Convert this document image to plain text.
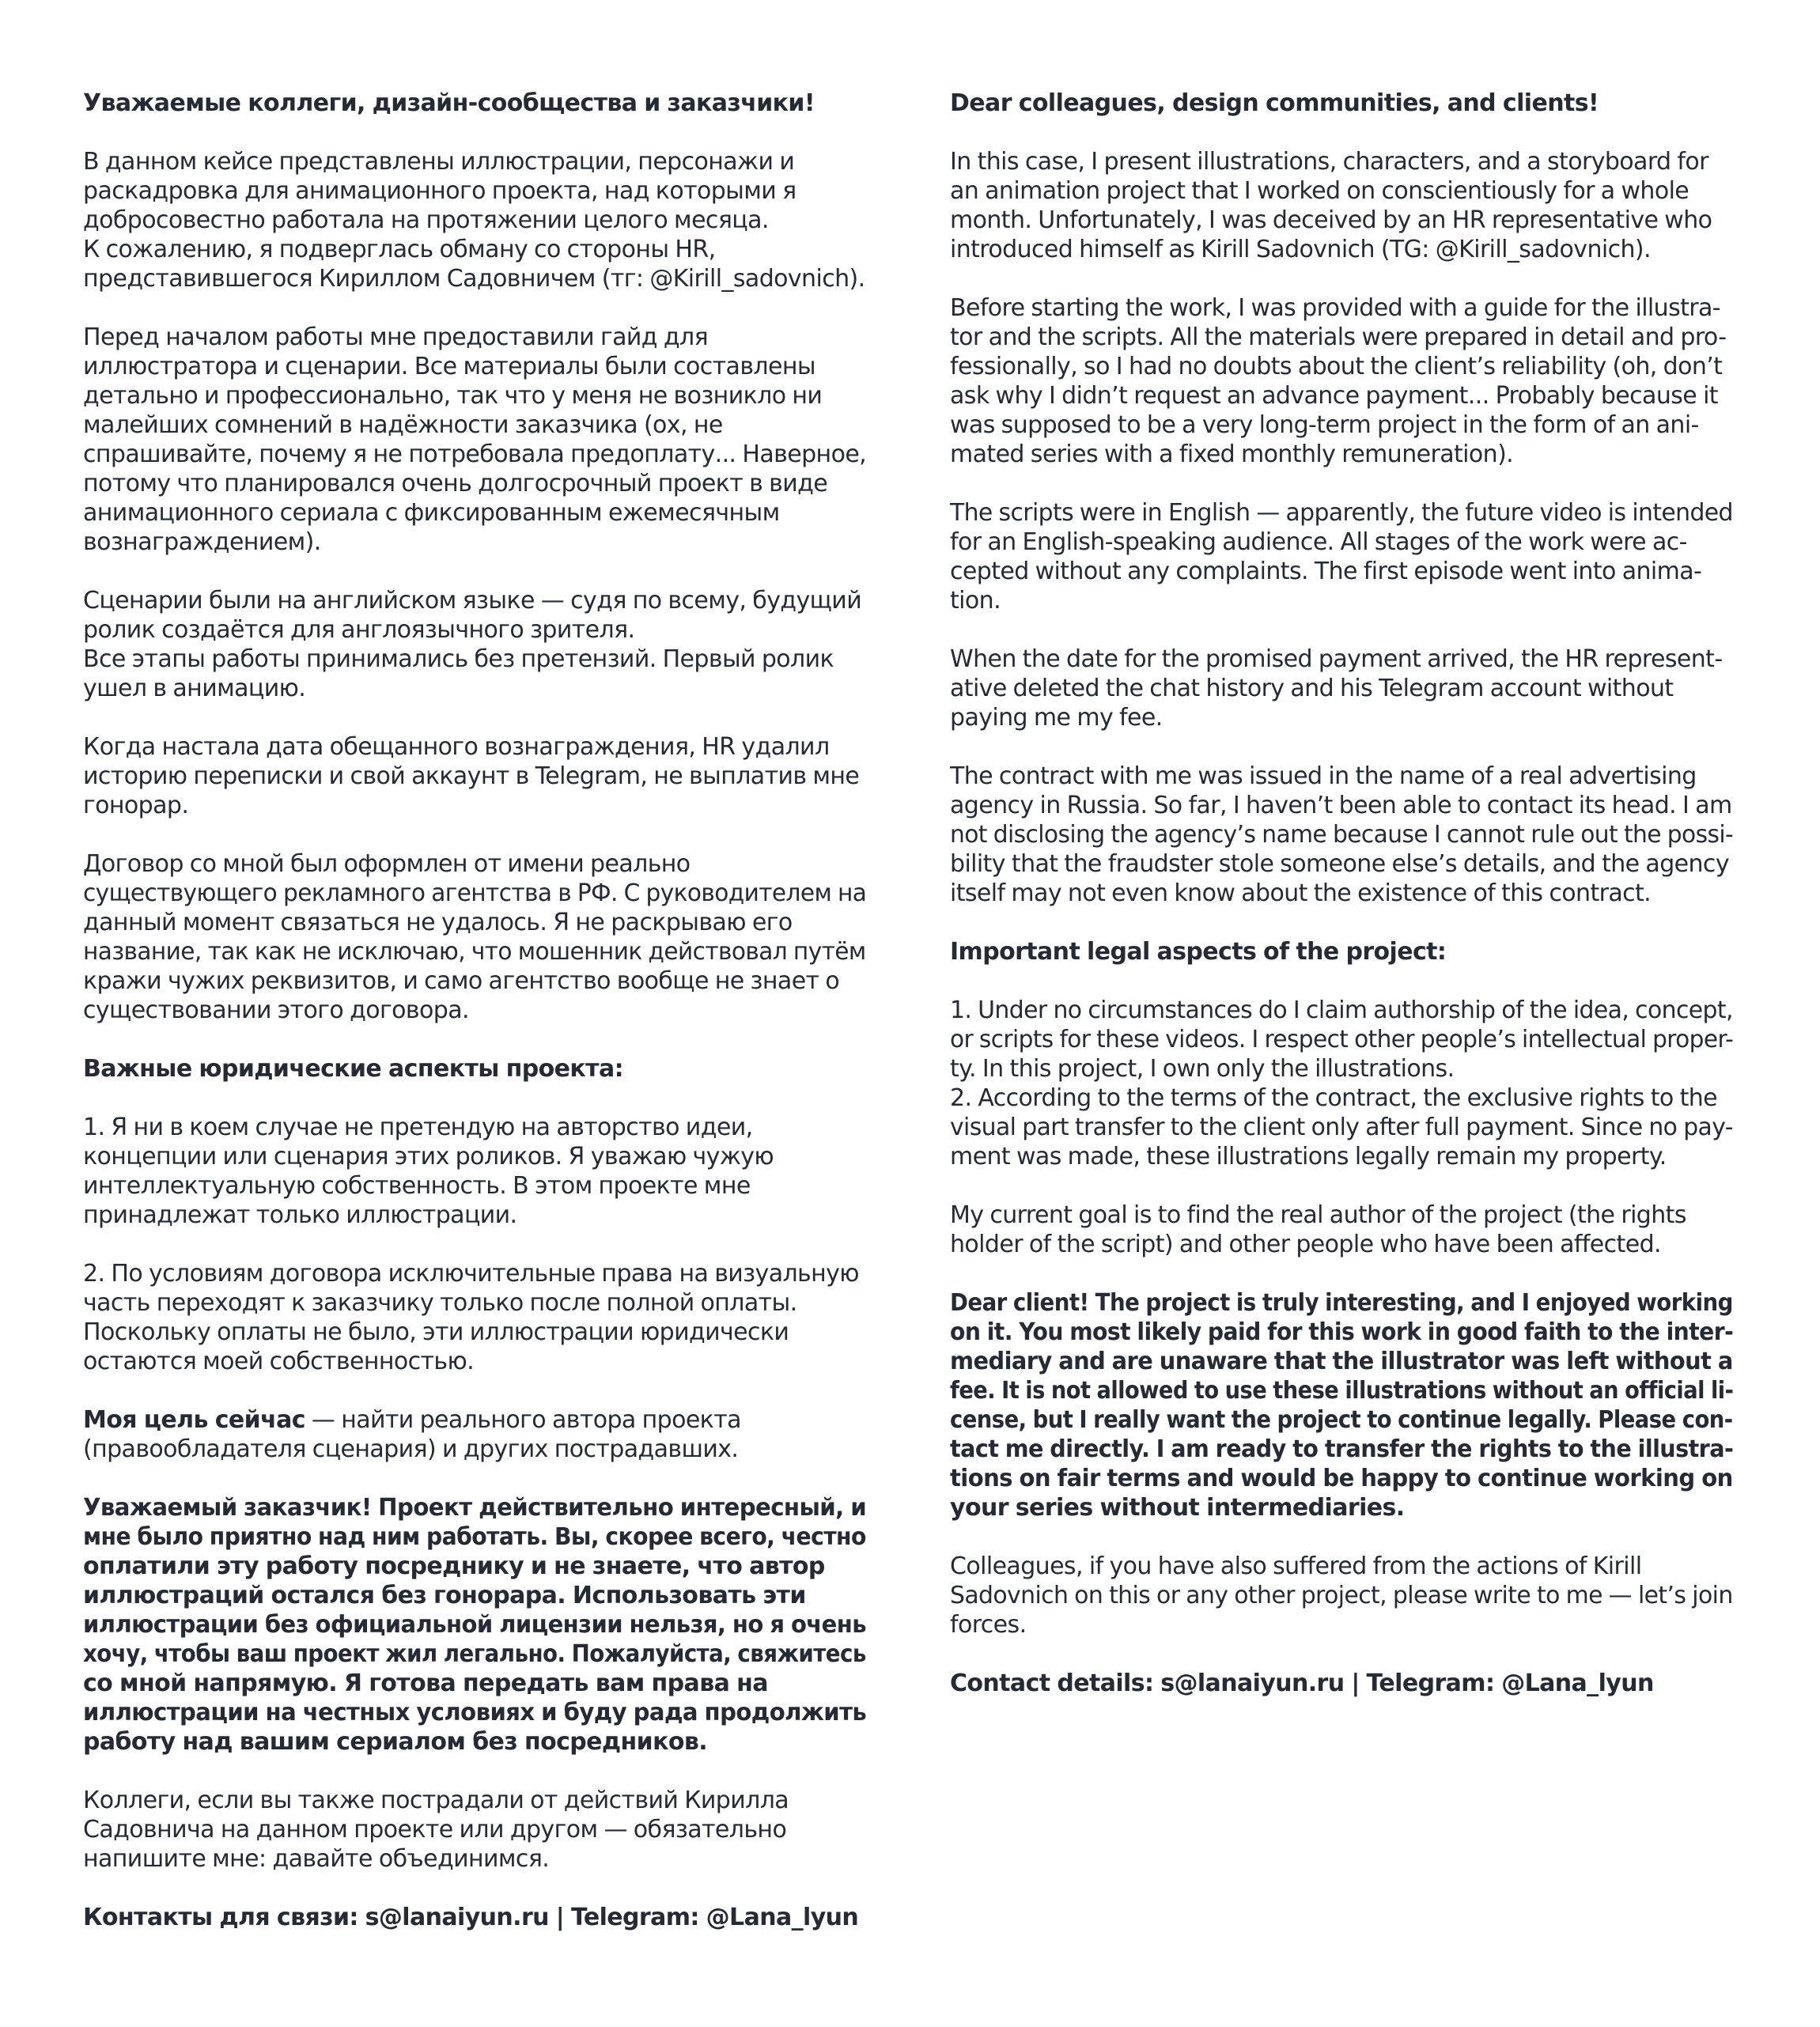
Уважаемые коллеги, дизайн-сообщества и заказчики!
В данном кейсе представлены иллюстрации, персонажи и
раскадровка для анимационного проекта, над которыми я
добросовестно работала на протяжении целого месяца.
К сожалению, я подверглась обману со стороны HR,
представившегося Кириллом Садовничем (тг: @Kirill_sadovnich).
Перед началом работы мне предоставили гайд для
иллюстратора и сценарии. Все материалы были составлены
детально и профессионально, так что у меня не возникло ни
малейших сомнений в надёжности заказчика (ох, не
спрашивайте, почему я не потребовала предоплату... Наверное,
потому что планировался очень долгосрочный проект в виде
анимационного сериала с фиксированным ежемесячным
вознаграждением).
Сценарии были на английском языке — судя по всему, будущий
ролик создаётся для англоязычного зрителя.
Все этапы работы принимались без претензий. Первый ролик
ушел в анимацию.
Когда настала дата обещанного вознаграждения, HR удалил
историю переписки и свой аккаунт в Telegram, не выплатив мне
гонорар.
Договор со мной был оформлен от имени реально
существующего рекламного агентства в РФ. С руководителем на
данный момент связаться не удалось. Я не раскрываю его
название, так как не исключаю, что мошенник действовал путём
кражи чужих реквизитов, и само агентство вообще не знает о
существовании этого договора.
Важные юридические аспекты проекта:
1. Я ни в коем случае не претендую на авторство идеи,
концепции или сценария этих роликов. Я уважаю чужую
интеллектуальную собственность. В этом проекте мне
принадлежат только иллюстрации.
2. По условиям договора исключительные права на визуальную
часть переходят к заказчику только после полной оплаты.
Поскольку оплаты не было, эти иллюстрации юридически
остаются моей собственностью.
Моя цель сейчас — найти реального автора проекта
(правообладателя сценария) и других пострадавших.
Уважаемый заказчик! Проект действительно интересный, и
мне было приятно над ним работать. Вы, скорее всего, честно
оплатили эту работу посреднику и не знаете, что автор
иллюстраций остался без гонорара. Использовать эти
иллюстрации без официальной лицензии нельзя, но я очень
хочу, чтобы ваш проект жил легально. Пожалуйста, свяжитесь
со мной напрямую. Я готова передать вам права на
иллюстрации на честных условиях и буду рада продолжить
работу над вашим сериалом без посредников.
Коллеги, если вы также пострадали от действий Кирилла
Садовнича на данном проекте или другом — обязательно
напишите мне: давайте объединимся.
Контакты для связи: s@lanaiyun.ru | Telegram: @Lana_lyun
Dear colleagues, design communities, and clients!
In this case, I present illustrations, characters, and a storyboard for
an animation project that I worked on conscientiously for a whole
month. Unfortunately, I was deceived by an HR representative who
introduced himself as Kirill Sadovnich (TG: @Kirill_sadovnich).
Before starting the work, I was provided with a guide for the illustra-
tor and the scripts. All the materials were prepared in detail and pro-
fessionally, so I had no doubts about the client’s reliability (oh, don’t
ask why I didn’t request an advance payment... Probably because it
was supposed to be a very long-term project in the form of an ani-
mated series with a fixed monthly remuneration).
The scripts were in English — apparently, the future video is intended
for an English-speaking audience. All stages of the work were ac-
cepted without any complaints. The first episode went into anima-
tion.
When the date for the promised payment arrived, the HR represent-
ative deleted the chat history and his Telegram account without
paying me my fee.
The contract with me was issued in the name of a real advertising
agency in Russia. So far, I haven’t been able to contact its head. I am
not disclosing the agency’s name because I cannot rule out the possi-
bility that the fraudster stole someone else’s details, and the agency
itself may not even know about the existence of this contract.
Important legal aspects of the project:
1. Under no circumstances do I claim authorship of the idea, concept,
or scripts for these videos. I respect other people’s intellectual proper-
ty. In this project, I own only the illustrations.
2. According to the terms of the contract, the exclusive rights to the
visual part transfer to the client only after full payment. Since no pay-
ment was made, these illustrations legally remain my property.
My current goal is to find the real author of the project (the rights
holder of the script) and other people who have been affected.
Dear client! The project is truly interesting, and I enjoyed working
on it. You most likely paid for this work in good faith to the inter-
mediary and are unaware that the illustrator was left without a
fee. It is not allowed to use these illustrations without an official li-
cense, but I really want the project to continue legally. Please con-
tact me directly. I am ready to transfer the rights to the illustra-
tions on fair terms and would be happy to continue working on
your series without intermediaries.
Colleagues, if you have also suffered from the actions of Kirill
Sadovnich on this or any other project, please write to me — let’s join
forces.
Contact details: s@lanaiyun.ru | Telegram: @Lana_lyun
